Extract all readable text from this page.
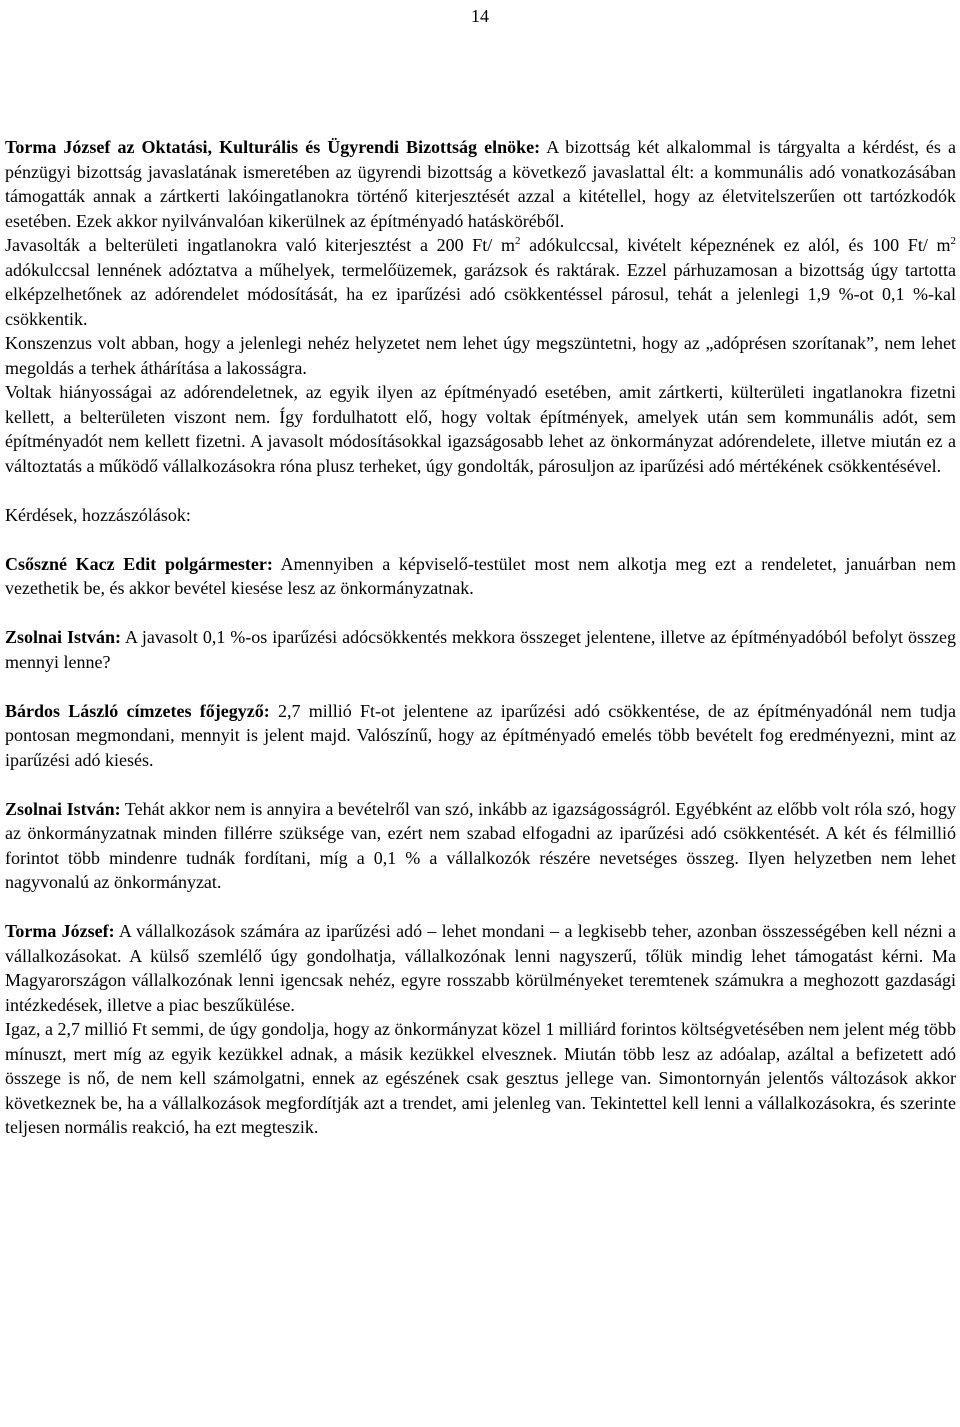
14

Torma József az Oktatási, Kulturális és Ügyrendi Bizottság elnöke: A bizottság két alkalommal is tárgyalta a kérdést, és a pénzügyi bizottság javaslatának ismeretében az ügyrendi bizottság a következő javaslattal élt: a kommunális adó vonatkozásában támogatták annak a zártkerti lakóingatlanokra történő kiterjesztését azzal a kitétellel, hogy az életvitelszerűen ott tartózkodók esetében. Ezek akkor nyilvánvalóan kikerülnek az építményadó hatásköréből.

Javasolták a belterületi ingatlanokra való kiterjesztést a 200 Ft/ $m^2$ adókulccsal, kivételt képeznének ez alól, és 100 Ft/ $m^2$ adókulccsal lennének adóztatva a műhelyek, termelőüzemek, garázsok és raktárak. Ezzel párhuzamosan a bizottság úgy tartotta elképzelhetőnek az adórendelet módosítását, ha ez iparűzési adó csökkentéssel párosul, tehát a jelenlegi 1,9 %-ot 0,1 %-kal csökkentik.

Konszenzus volt abban, hogy a jelenlegi nehéz helyzetet nem lehet úgy megszüntetni, hogy az „adóprésen szorítanak”, nem lehet megoldás a terhek áthárítása a lakosságra.

Voltak hiányosságai az adórendeletnek, az egyik ilyen az építményadó esetében, amit zártkerti, külterületi ingatlanokra fizetni kellett, a belterületen viszont nem. Így fordulhatott elő, hogy voltak építmények, amelyek után sem kommunális adót, sem építményadót nem kellett fizetni. A javasolt módosításokkal igazságosabb lehet az önkormányzat adórendelete, illetve miután ez a változtatás a működő vállalkozásokra róna plusz terheket, úgy gondolták, párosuljon az iparűzési adó mértékének csökkentésével.

Kérdések, hozzászólások:

Csőszné Kacz Edit polgármester: Amennyiben a képviselő-testület most nem alkotja meg ezt a rendeletet, januárban nem vezethetik be, és akkor bevétel kiesése lesz az önkormányzatnak.

Zsolnai István: A javasolt 0,1 %-os iparűzési adócsökkentés mekkora összeget jelentene, illetve az építményadóból befolyt összeg mennyi lenne?

Bárdos László címzetes főjegyző: 2,7 millió Ft-ot jelentene az iparűzési adó csökkentése, de az építményadónál nem tudja pontosan megmondani, mennyit is jelent majd. Valószínű, hogy az építményadó emelés több bevételt fog eredményezni, mint az iparűzési adó kiesés.

Zsolnai István: Tehát akkor nem is annyira a bevételről van szó, inkább az igazságosságról. Egyébként az előbb volt róla szó, hogy az önkormányzatnak minden fillérre szüksége van, ezért nem szabad elfogadni az iparűzési adó csökkentését. A két és félmillió forintot több mindenre tudnák fordítani, míg a 0,1 % a vállalkozók részére nevetséges összeg. Ilyen helyzetben nem lehet nagyvonalú az önkormányzat.

Torma József: A vállalkozások számára az iparűzési adó – lehet mondani – a legkisebb teher, azonban összességében kell nézni a vállalkozásokat. A külső szemlélő úgy gondolhatja, vállalkozónak lenni nagyszerű, tőlük mindig lehet támogatást kérni. Ma Magyarországon vállalkozónak lenni igencsak nehéz, egyre rosszabb körülményeket teremtenek számukra a meghozott gazdasági intézkedések, illetve a piac beszűkülése.

Igaz, a 2,7 millió Ft semmi, de úgy gondolja, hogy az önkormányzat közel 1 milliárd forintos költségvetésében nem jelent még több mínuszt, mert míg az egyik kezükkel adnak, a másik kezükkel elvesznek. Miután több lesz az adóalap, azáltal a befizetett adó összege is nő, de nem kell számolgatni, ennek az egészének csak gesztus jellege van. Simontornyán jelentős változások akkor következnek be, ha a vállalkozások megfordítják azt a trendet, ami jelenleg van. Tekintettel kell lenni a vállalkozásokra, és szerinte teljesen normális reakció, ha ezt megteszik.
